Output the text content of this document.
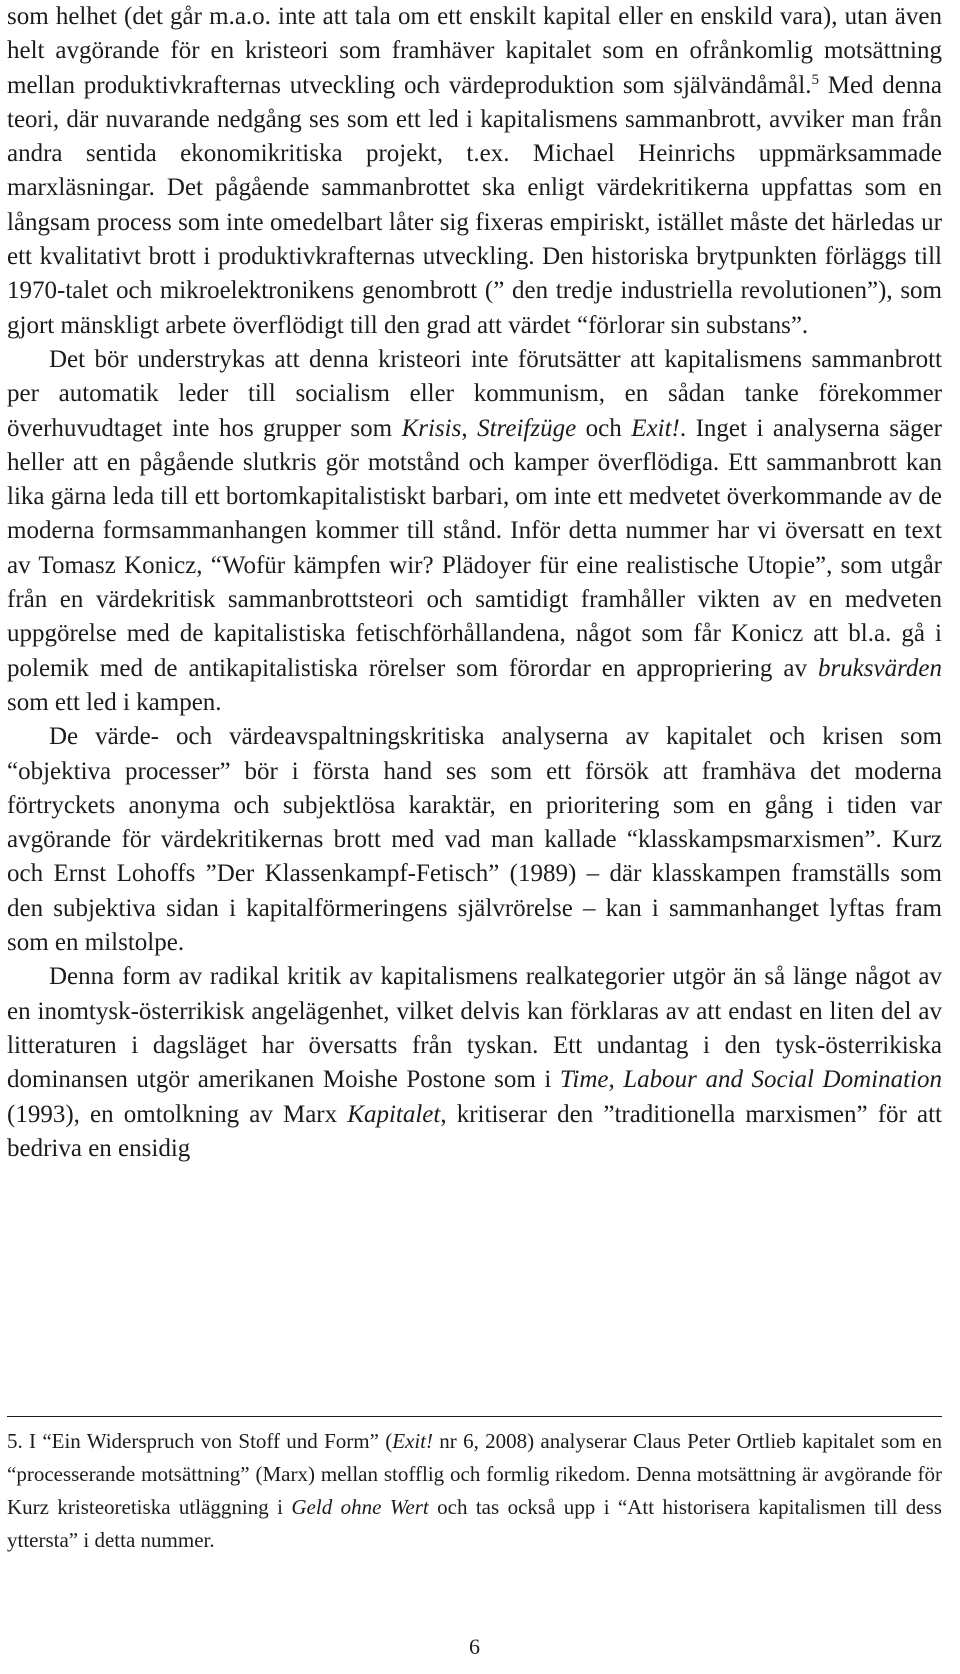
som helhet (det går m.a.o. inte att tala om ett enskilt kapital eller en enskild vara), utan även helt avgörande för en kristeori som framhäver kapitalet som en ofrånkomlig motsättning mellan produktivkrafternas utveckling och värdeproduktion som självändåmål.$^5$ Med denna teori, där nuvarande nedgång ses som ett led i kapitalismens sammanbrott, avviker man från andra sentida ekonomikritiska projekt, t.ex. Michael Heinrichs uppmärksammade marxläsningar. Det pågående sammanbrottet ska enligt värdekritikerna uppfattas som en långsam process som inte omedelbart låter sig fixeras empiriskt, istället måste det härledas ur ett kvalitativt brott i produktivkrafternas utveckling. Den historiska brytpunkten förläggs till 1970-talet och mikroelektronikens genombrott (” den tredje industriella revolutionen”), som gjort mänskligt arbete överflödigt till den grad att värdet “förlorar sin substans”.

Det bör understrykas att denna kristeori inte förutsätter att kapitalismens sammanbrott per automatik leder till socialism eller kommunism, en sådan tanke förekommer överhuvudtaget inte hos grupper som Krisis, Streifzüge och Exit!. Inget i analyserna säger heller att en pågående slutkris gör motstånd och kamper överflödiga. Ett sammanbrott kan lika gärna leda till ett bortomkapitalistiskt barbari, om inte ett medvetet överkommande av de moderna formsammanhangen kommer till stånd. Inför detta nummer har vi översatt en text av Tomasz Konicz, “Wofür kämpfen wir? Plädoyer für eine realistische Utopie”, som utgår från en värdekritisk sammanbrottsteori och samtidigt framhåller vikten av en medveten uppgörelse med de kapitalistiska fetischförhållandena, något som får Konicz att bl.a. gå i polemik med de antikapitalistiska rörelser som förordar en appropriering av bruksvärden som ett led i kampen.

De värde- och värdeavspaltningskritiska analyserna av kapitalet och krisen som “objektiva processer” bör i första hand ses som ett försök att framhäva det moderna förtryckets anonyma och subjektlösa karaktär, en prioritering som en gång i tiden var avgörande för värdekritikernas brott med vad man kallade “klasskampsmarxismen”. Kurz och Ernst Lohoffs ”Der Klassenkampf-Fetisch” (1989) – där klasskampen framställs som den subjektiva sidan i kapitalförmeringens självrörelse – kan i sammanhanget lyftas fram som en milstolpe.

Denna form av radikal kritik av kapitalismens realkategorier utgör än så länge något av en inomtysk-österrikisk angelägenhet, vilket delvis kan förklaras av att endast en liten del av litteraturen i dagsläget har översatts från tyskan. Ett undantag i den tysk-österrikiska dominansen utgör amerikanen Moishe Postone som i Time, Labour and Social Domination (1993), en omtolkning av Marx Kapitalet, kritiserar den ”traditionella marxismen” för att bedriva en ensidig

5. I “Ein Widerspruch von Stoff und Form” (Exit! nr 6, 2008) analyserar Claus Peter Ortlieb kapitalet som en “processerande motsättning” (Marx) mellan stofflig och formlig rikedom. Denna motsättning är avgörande för Kurz kristeoretiska utläggning i Geld ohne Wert och tas också upp i “Att historisera kapitalismen till dess yttersta” i detta nummer.

6
